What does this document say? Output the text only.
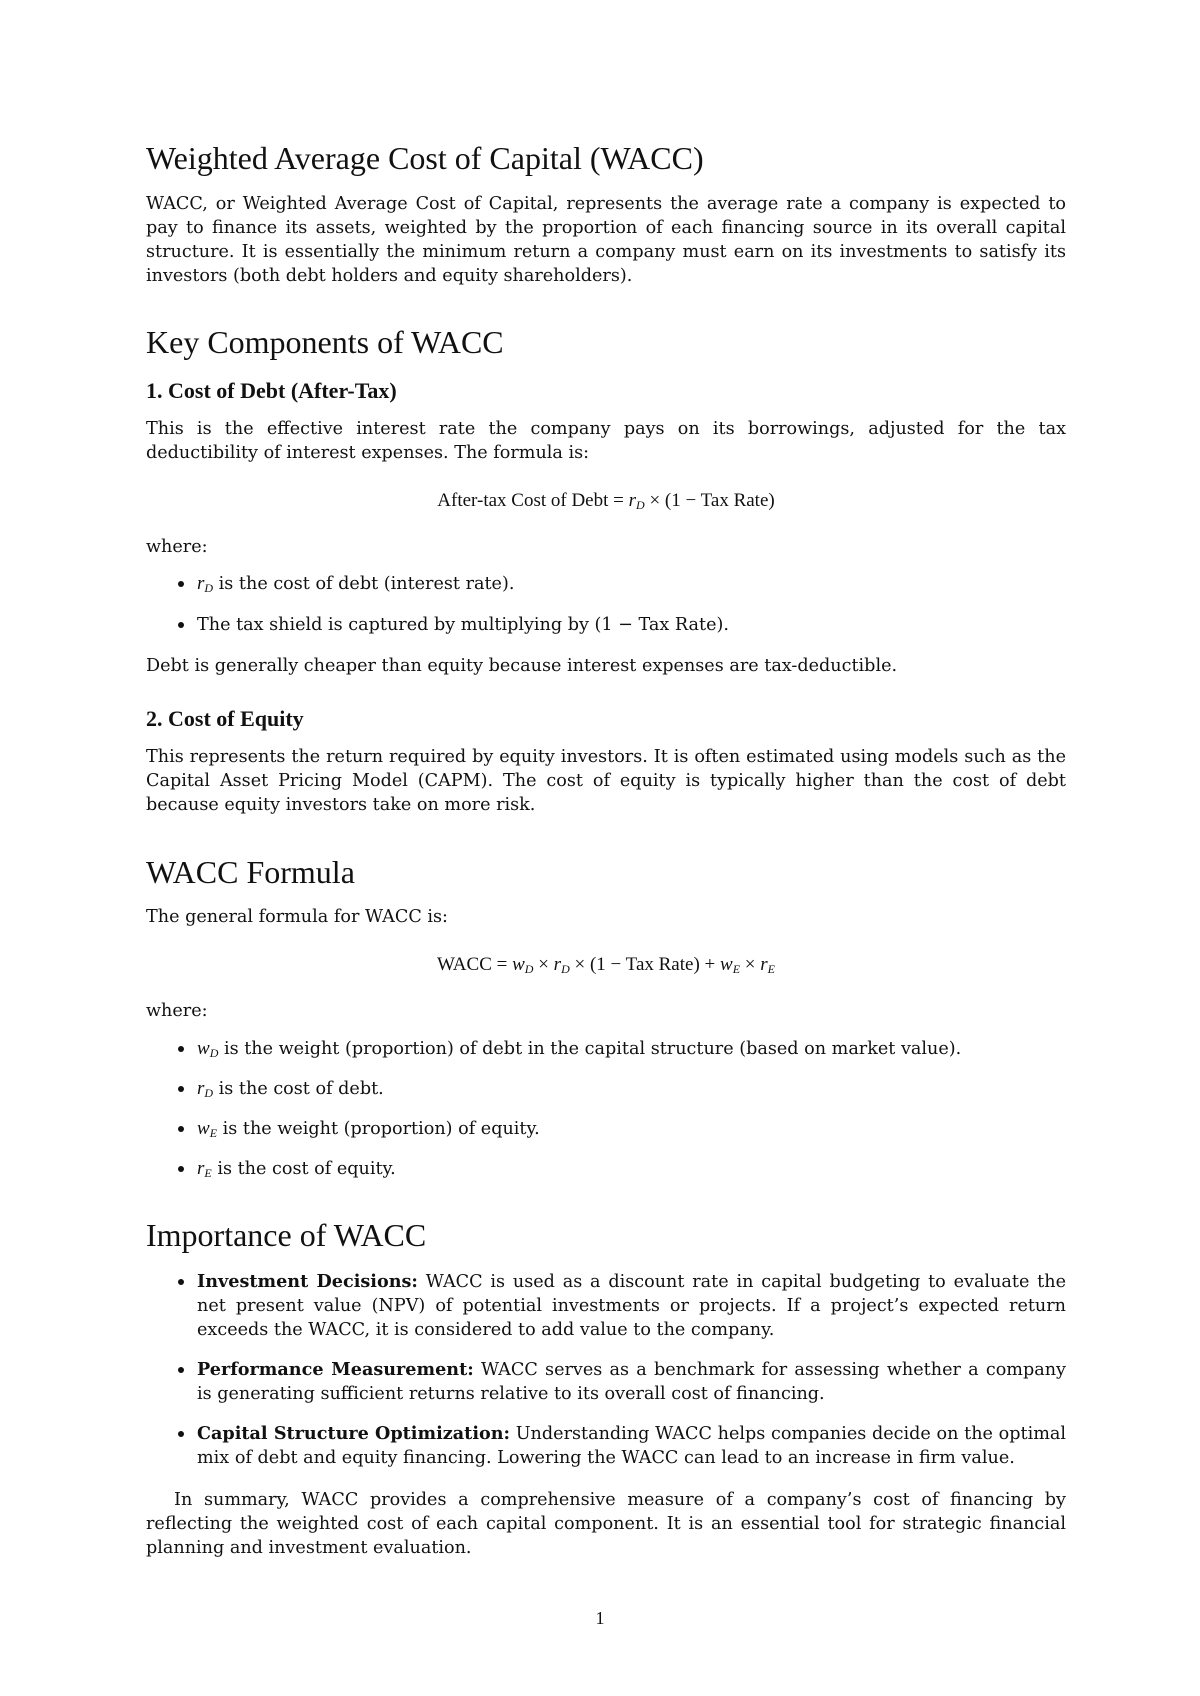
Weighted Average Cost of Capital (WACC)

WACC, or Weighted Average Cost of Capital, represents the average rate a company is expected to pay to finance its assets, weighted by the proportion of each financing source in its overall capital structure. It is essentially the minimum return a company must earn on its investments to satisfy its investors (both debt holders and equity shareholders).

Key Components of WACC
1. Cost of Debt (After-Tax)

This is the effective interest rate the company pays on its borrowings, adjusted for the tax deductibility of interest expenses. The formula is:

After-tax Cost of Debt = $r_D \times (1$ − Tax Rate)

where:

$r_D$ is the cost of debt (interest rate).

The tax shield is captured by multiplying by (1 − Tax Rate).

Debt is generally cheaper than equity because interest expenses are tax-deductible.

2. Cost of Equity

This represents the return required by equity investors. It is often estimated using models such as the Capital Asset Pricing Model (CAPM). The cost of equity is typically higher than the cost of debt because equity investors take on more risk.

WACC Formula

The general formula for WACC is:

WACC = $w_D \times r_D \times (1$ − Tax Rate) + $w_E \times r_E$

where:

$w_D$ is the weight (proportion) of debt in the capital structure (based on market value).

$r_D$ is the cost of debt.

$w_E$ is the weight (proportion) of equity.

$r_E$ is the cost of equity.

Importance of WACC

Investment Decisions: WACC is used as a discount rate in capital budgeting to evaluate the net present value (NPV) of potential investments or projects. If a project’s expected return exceeds the WACC, it is considered to add value to the company.

Performance Measurement: WACC serves as a benchmark for assessing whether a company is generating sufficient returns relative to its overall cost of financing.

Capital Structure Optimization: Understanding WACC helps companies decide on the optimal mix of debt and equity financing. Lowering the WACC can lead to an increase in firm value.

In summary, WACC provides a comprehensive measure of a company’s cost of financing by reflecting the weighted cost of each capital component. It is an essential tool for strategic financial planning and investment evaluation.

1
